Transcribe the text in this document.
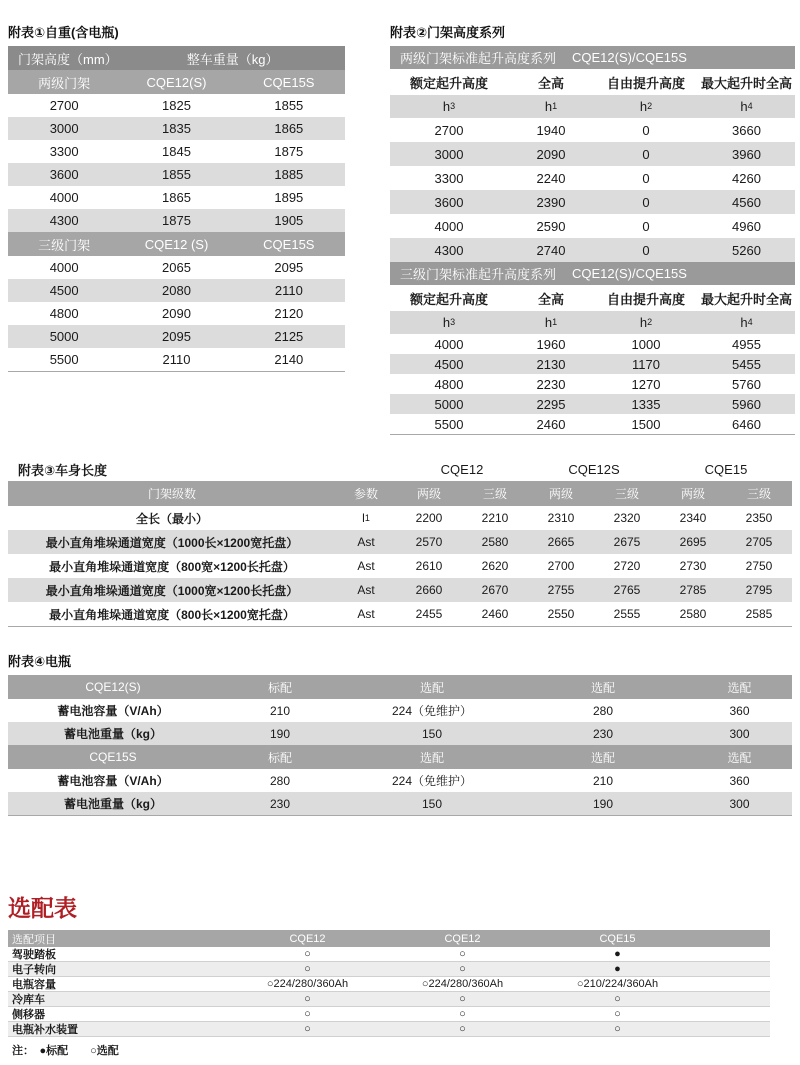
附表①自重(含电瓶)
门架高度（mm）	整车重量（kg）
两级门架	CQE12(S)	CQE15S
2700	1825	1855
3000	1835	1865
3300	1845	1875
3600	1855	1885
4000	1865	1895
4300	1875	1905
三级门架	CQE12 (S)	CQE15S
4000	2065	2095
4500	2080	2110
4800	2090	2120
5000	2095	2125
5500	2110	2140
附表②门架高度系列
两级门架标准起升高度系列 CQE12(S)/CQE15S
额定起升高度	全高	自由提升高度	最大起升时全高
h 3	h 1	h 2	h 4
2700	1940	0	3660
3000	2090	0	3960
3300	2240	0	4260
3600	2390	0	4560
4000	2590	0	4960
4300	2740	0	5260
三级门架标准起升高度系列 CQE12(S)/CQE15S
额定起升高度	全高	自由提升高度	最大起升时全高
h 3	h 1	h 2	h 4
4000	1960	1000	4955
4500	2130	1170	5455
4800	2230	1270	5760
5000	2295	1335	5960
5500	2460	1500	6460
附表③车身长度	CQE12	CQE12S	CQE15
门架级数	参数	两级	三级	两级	三级	两级	三级
全长（最小）	l 1	2200	2210	2310	2320	2340	2350
最小直角堆垛通道宽度（1000长×1200宽托盘）	Ast	2570	2580	2665	2675	2695	2705
最小直角堆垛通道宽度（800宽×1200长托盘）	Ast	2610	2620	2700	2720	2730	2750
最小直角堆垛通道宽度（1000宽×1200长托盘）	Ast	2660	2670	2755	2765	2785	2795
最小直角堆垛通道宽度（800长×1200宽托盘）	Ast	2455	2460	2550	2555	2580	2585
附表④电瓶
CQE12(S)	标配	选配	选配	选配
蓄电池容量（V/Ah）	210	224（免维护）	280	360
蓄电池重量（kg）	190	150	230	300
CQE15S	标配	选配	选配	选配
蓄电池容量（V/Ah）	280	224（免维护）	210	360
蓄电池重量（kg）	230	150	190	300
选配表
选配项目	CQE12	CQE12	CQE15
驾驶踏板	○	○	●
电子转向	○	○	●
电瓶容量	○224/280/360Ah	○224/280/360Ah	○210/224/360Ah
冷库车	○	○	○
侧移器	○	○	○
电瓶补水装置	○	○	○
注：　●标配　　○选配
